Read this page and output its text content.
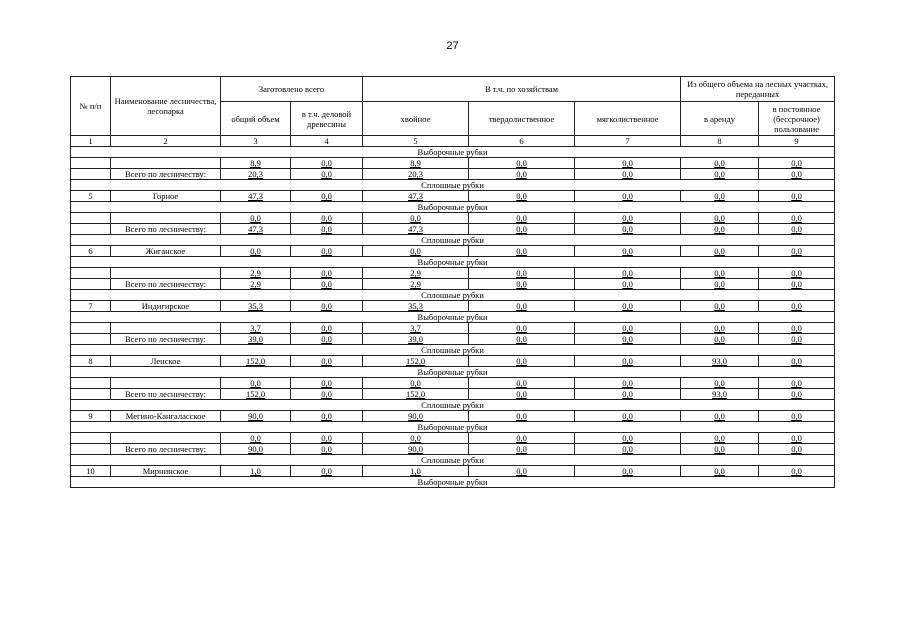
27
№ п/п	Наименование лесничества, лесопарка	Заготовлено всего		В т.ч. по хозяйствам			Из общего объема на лесных участках, переданных	
		общий объем	в т.ч. деловой древесины	хвойное	твердолиственное	мягколиственное	в аренду	в постоянное (бессрочное) пользование
1	2	3	4	5	6	7	8	9
Выборочные рубки								
		8,9	0,0	8,9	0,0	0,0	0,0	0,0
	Всего по лесничеству:	20,3	0,0	20,3	0,0	0,0	0,0	0,0
Сплошные рубки								
5	Горное	47,3	0,0	47,3	0,0	0,0	0,0	0,0
Выборочные рубки								
		0,0	0,0	0,0	0,0	0,0	0,0	0,0
	Всего по лесничеству:	47,3	0,0	47,3	0,0	0,0	0,0	0,0
Сплошные рубки								
6	Жиганское	0,0	0,0	0,0	0,0	0,0	0,0	0,0
Выборочные рубки								
		2,9	0,0	2,9	0,0	0,0	0,0	0,0
	Всего по лесничеству:	2,9	0,0	2,9	0,0	0,0	0,0	0,0
Сплошные рубки								
7	Индигирское	35,3	0,0	35,3	0,0	0,0	0,0	0,0
Выборочные рубки								
		3,7	0,0	3,7	0,0	0,0	0,0	0,0
	Всего по лесничеству:	39,0	0,0	39,0	0,0	0,0	0,0	0,0
Сплошные рубки								
8	Ленское	152,0	0,0	152,0	0,0	0,0	93,0	0,0
Выборочные рубки								
		0,0	0,0	0,0	0,0	0,0	0,0	0,0
	Всего по лесничеству:	152,0	0,0	152,0	0,0	0,0	93,0	0,0
Сплошные рубки								
9	Мегино-Кангаласское	90,0	0,0	90,0	0,0	0,0	0,0	0,0
Выборочные рубки								
		0,0	0,0	0,0	0,0	0,0	0,0	0,0
	Всего по лесничеству:	90,0	0,0	90,0	0,0	0,0	0,0	0,0
Сплошные рубки								
10	Мирнинское	1,0	0,0	1,0	0,0	0,0	0,0	0,0
Выборочные рубки								
